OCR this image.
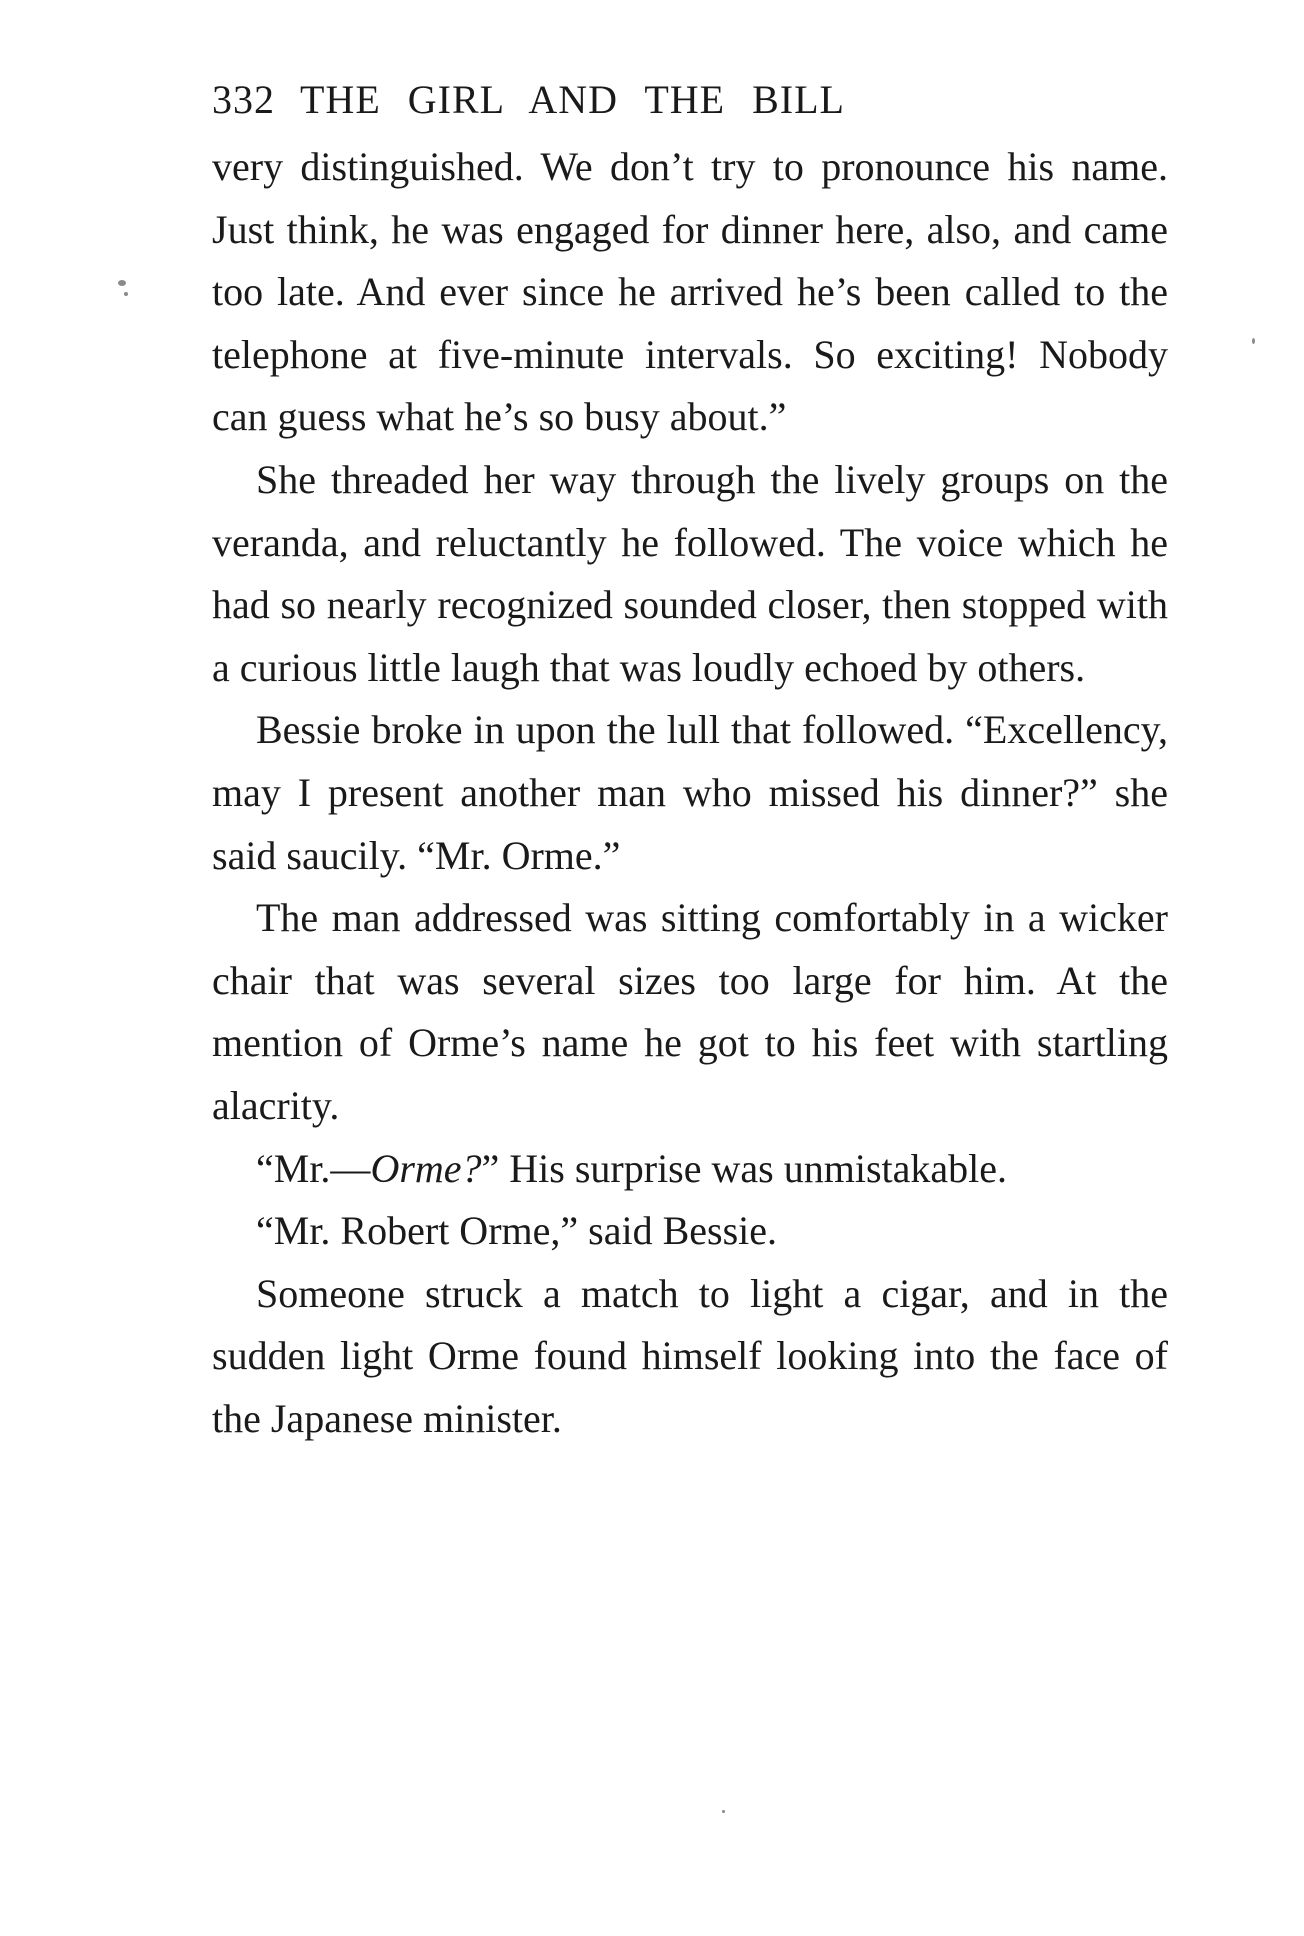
332 THE GIRL AND THE BILL

very distinguished. We don’t try to pronounce his name. Just think, he was engaged for dinner here, also, and came too late. And ever since he arrived he’s been called to the telephone at five-minute intervals. So exciting! Nobody can guess what he’s so busy about.”

She threaded her way through the lively groups on the veranda, and reluctantly he followed. The voice which he had so nearly recognized sounded closer, then stopped with a curious little laugh that was loudly echoed by others.

Bessie broke in upon the lull that followed. “Excellency, may I present another man who missed his dinner?” she said saucily. “Mr. Orme.”

The man addressed was sitting comfortably in a wicker chair that was several sizes too large for him. At the mention of Orme’s name he got to his feet with startling alacrity.

“Mr.—Orme?” His surprise was unmistakable.

“Mr. Robert Orme,” said Bessie.

Someone struck a match to light a cigar, and in the sudden light Orme found himself looking into the face of the Japanese minister.
